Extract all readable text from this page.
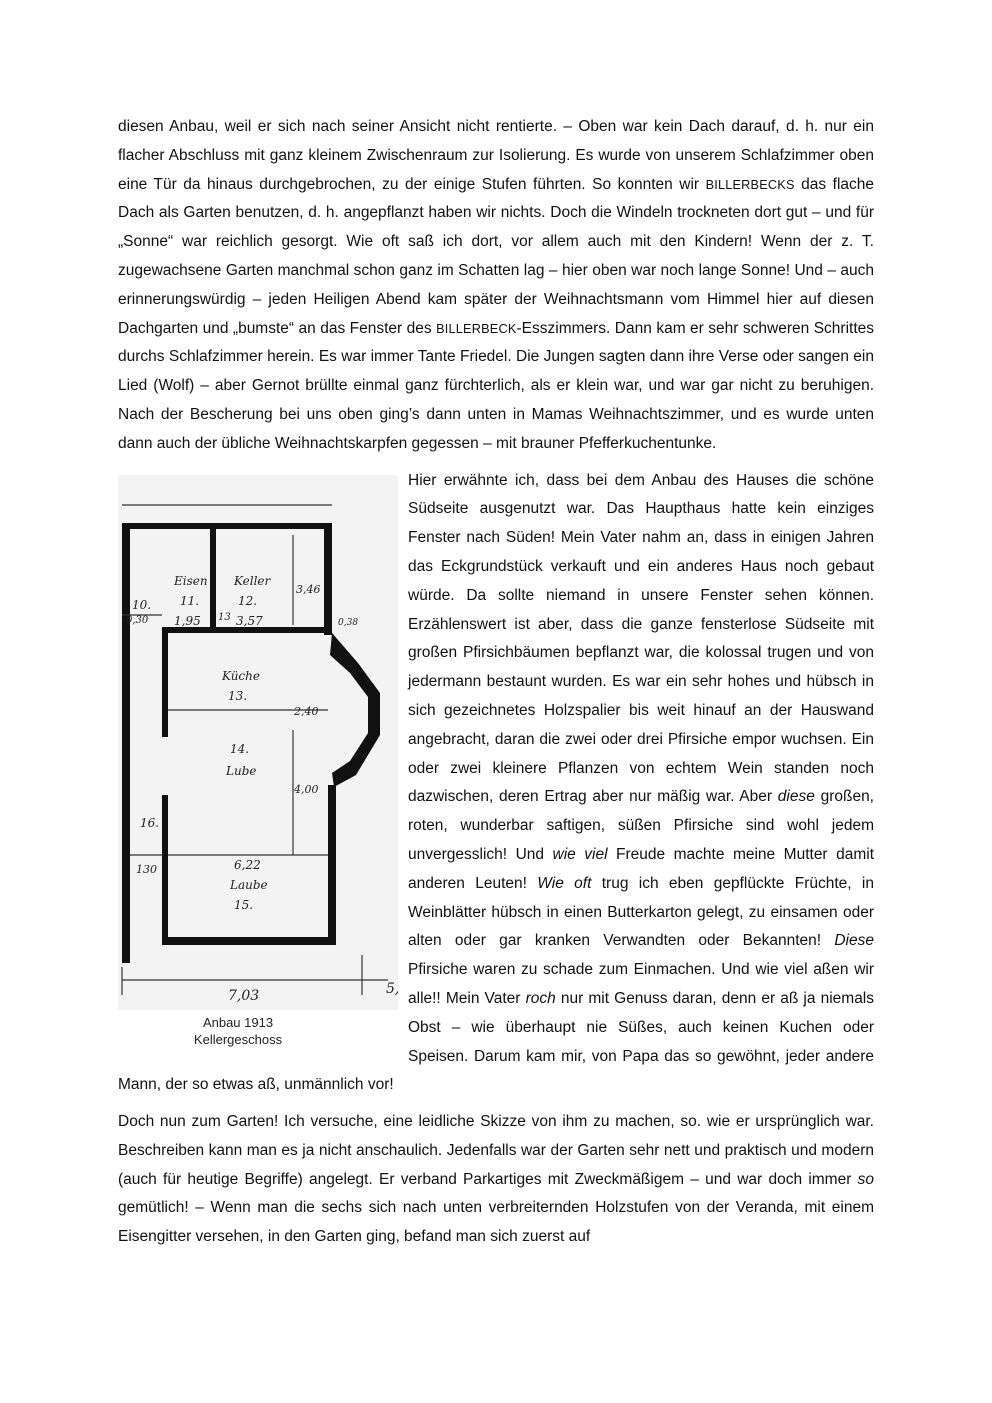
diesen Anbau, weil er sich nach seiner Ansicht nicht rentierte. – Oben war kein Dach darauf, d. h. nur ein flacher Abschluss mit ganz kleinem Zwischenraum zur Isolierung. Es wurde von unserem Schlafzimmer oben eine Tür da hinaus durchgebrochen, zu der einige Stufen führten. So konnten wir BILLERBECKS das flache Dach als Garten benutzen, d. h. angepflanzt haben wir nichts. Doch die Windeln trockneten dort gut – und für „Sonne“ war reichlich gesorgt. Wie oft saß ich dort, vor allem auch mit den Kindern! Wenn der z. T. zugewachsene Garten manchmal schon ganz im Schatten lag – hier oben war noch lange Sonne! Und – auch erinnerungswürdig – jeden Heiligen Abend kam später der Weihnachtsmann vom Himmel hier auf diesen Dachgarten und „bumste“ an das Fenster des BILLERBECK-Esszimmers. Dann kam er sehr schweren Schrittes durchs Schlafzimmer herein. Es war immer Tante Friedel. Die Jungen sagten dann ihre Verse oder sangen ein Lied (Wolf) – aber Gernot brüllte einmal ganz fürchterlich, als er klein war, und war gar nicht zu beruhigen. Nach der Bescherung bei uns oben ging’s dann unten in Mamas Weihnachtszimmer, und es wurde unten dann auch der übliche Weihnachtskarpfen gegessen – mit brauner Pfefferkuchentunke.

10.
0,30
Eisen
11.
1,95 13
Keller
12.
3,57
3,46
0,38
Küche
13.
2,40
14.
Lube
4,00
16.
130	6,22
Laube
15.
7,03	5,
Anbau 1913
Kellergeschoss

Hier erwähnte ich, dass bei dem Anbau des Hauses die schöne Südseite ausgenutzt war. Das Haupthaus hatte kein einziges Fenster nach Süden! Mein Vater nahm an, dass in einigen Jahren das Eckgrundstück verkauft und ein anderes Haus noch gebaut würde. Da sollte niemand in unsere Fenster sehen können. Erzählenswert ist aber, dass die ganze fensterlose Südseite mit großen Pfirsichbäumen bepflanzt war, die kolossal trugen und von jedermann bestaunt wurden. Es war ein sehr hohes und hübsch in sich gezeichnetes Holzspalier bis weit hinauf an der Hauswand angebracht, daran die zwei oder drei Pfirsiche empor wuchsen. Ein oder zwei kleinere Pflanzen von echtem Wein standen noch dazwischen, deren Ertrag aber nur mäßig war. Aber diese großen, roten, wunderbar saftigen, süßen Pfirsiche sind wohl jedem unvergesslich! Und wie viel Freude machte meine Mutter damit anderen Leuten! Wie oft trug ich eben gepflückte Früchte, in Weinblätter hübsch in einen Butterkarton gelegt, zu einsamen oder alten oder gar kranken Verwandten oder Bekannten! Diese Pfirsiche waren zu schade zum Einmachen. Und wie viel aßen wir alle!! Mein Vater roch nur mit Genuss daran, denn er aß ja niemals Obst – wie überhaupt nie Süßes, auch keinen Kuchen oder Speisen. Darum kam mir, von Papa das so gewöhnt, jeder andere Mann, der so etwas aß, unmännlich vor!

Doch nun zum Garten! Ich versuche, eine leidliche Skizze von ihm zu machen, so. wie er ursprünglich war. Beschreiben kann man es ja nicht anschaulich. Jedenfalls war der Garten sehr nett und praktisch und modern (auch für heutige Begriffe) angelegt. Er verband Parkartiges mit Zweckmäßigem – und war doch immer so gemütlich! – Wenn man die sechs sich nach unten verbreiternden Holzstufen von der Veranda, mit einem Eisengitter versehen, in den Garten ging, befand man sich zuerst auf
